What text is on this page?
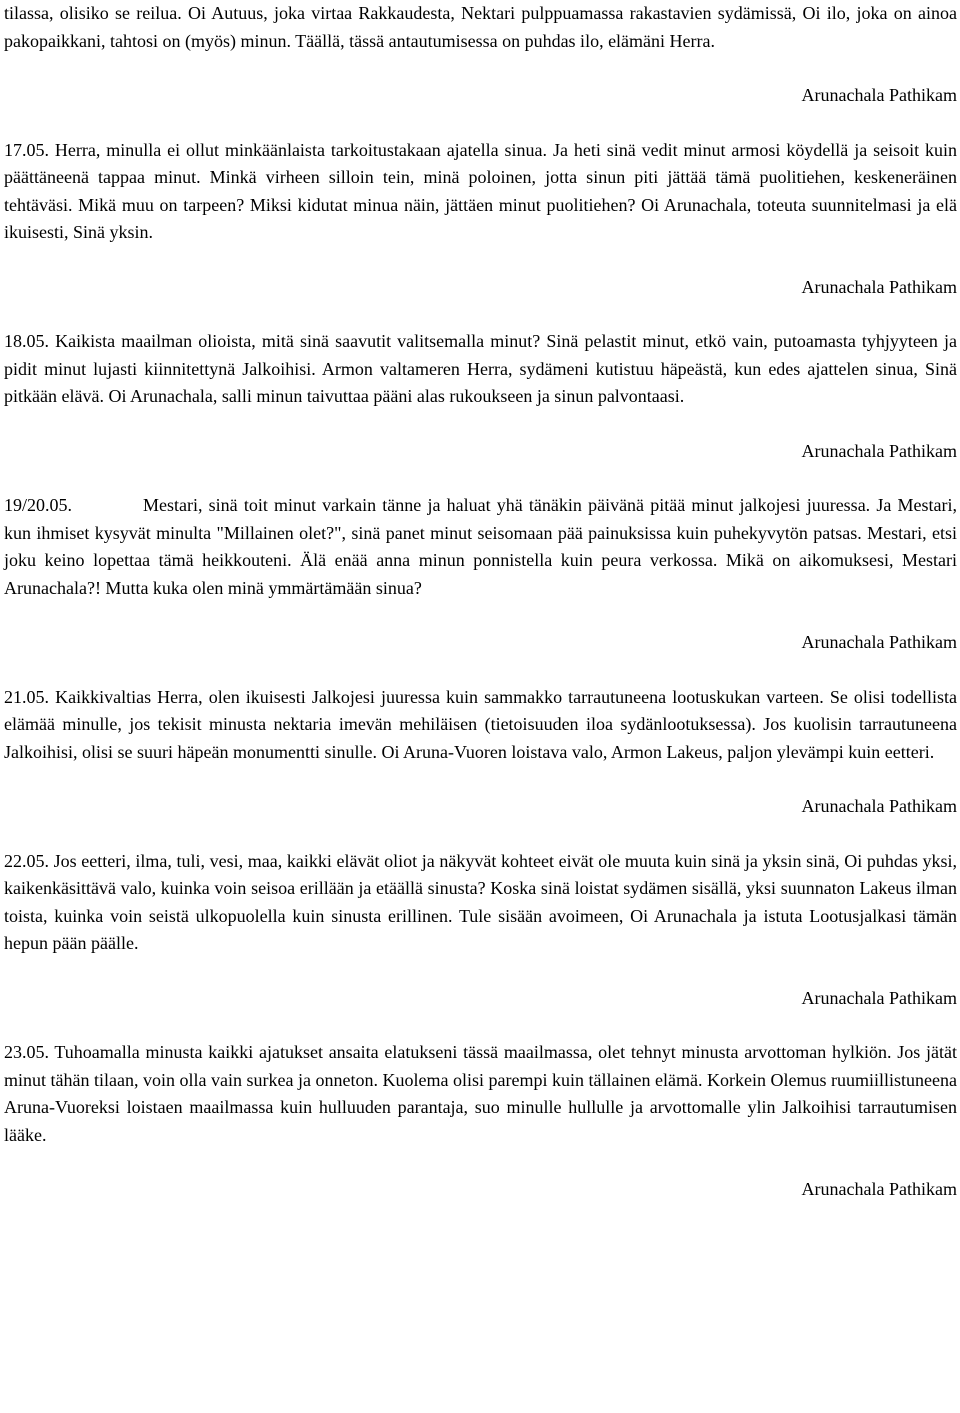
tilassa, olisiko se reilua. Oi Autuus, joka virtaa Rakkaudesta, Nektari pulppuamassa rakastavien sydämissä, Oi ilo, joka on ainoa pakopaikkani, tahtosi on (myös) minun. Täällä, tässä antautumisessa on puhdas ilo, elämäni Herra.

Arunachala Pathikam

17.05. Herra, minulla ei ollut minkäänlaista tarkoitustakaan ajatella sinua. Ja heti sinä vedit minut armosi köydellä ja seisoit kuin päättäneenä tappaa minut. Minkä virheen silloin tein, minä poloinen, jotta sinun piti jättää tämä puolitiehen, keskeneräinen tehtäväsi. Mikä muu on tarpeen? Miksi kidutat minua näin, jättäen minut puolitiehen? Oi Arunachala, toteuta suunnitelmasi ja elä ikuisesti, Sinä yksin.

Arunachala Pathikam

18.05. Kaikista maailman olioista, mitä sinä saavutit valitsemalla minut? Sinä pelastit minut, etkö vain, putoamasta tyhjyyteen ja pidit minut lujasti kiinnitettynä Jalkoihisi. Armon valtameren Herra, sydämeni kutistuu häpeästä, kun edes ajattelen sinua, Sinä pitkään elävä. Oi Arunachala, salli minun taivuttaa pääni alas rukoukseen ja sinun palvontaasi.

Arunachala Pathikam

19/20.05.	Mestari, sinä toit minut varkain tänne ja haluat yhä tänäkin päivänä pitää minut jalkojesi juuressa. Ja Mestari, kun ihmiset kysyvät minulta "Millainen olet?", sinä panet minut seisomaan pää painuksissa kuin puhekyvytön patsas. Mestari, etsi joku keino lopettaa tämä heikkouteni. Älä enää anna minun ponnistella kuin peura verkossa. Mikä on aikomuksesi, Mestari Arunachala?! Mutta kuka olen minä ymmärtämään sinua?

Arunachala Pathikam

21.05. Kaikkivaltias Herra, olen ikuisesti Jalkojesi juuressa kuin sammakko tarrautuneena lootuskukan varteen. Se olisi todellista elämää minulle, jos tekisit minusta nektaria imevän mehiläisen (tietoisuuden iloa sydänlootuksessa). Jos kuolisin tarrautuneena Jalkoihisi, olisi se suuri häpeän monumentti sinulle. Oi Aruna-Vuoren loistava valo, Armon Lakeus, paljon ylevämpi kuin eetteri.

Arunachala Pathikam

22.05. Jos eetteri, ilma, tuli, vesi, maa, kaikki elävät oliot ja näkyvät kohteet eivät ole muuta kuin sinä ja yksin sinä, Oi puhdas yksi, kaikenkäsittävä valo, kuinka voin seisoa erillään ja etäällä sinusta? Koska sinä loistat sydämen sisällä, yksi suunnaton Lakeus ilman toista, kuinka voin seistä ulkopuolella kuin sinusta erillinen. Tule sisään avoimeen, Oi Arunachala ja istuta Lootusjalkasi tämän hepun pään päälle.

Arunachala Pathikam

23.05. Tuhoamalla minusta kaikki ajatukset ansaita elatukseni tässä maailmassa, olet tehnyt minusta arvottoman hylkiön. Jos jätät minut tähän tilaan, voin olla vain surkea ja onneton. Kuolema olisi parempi kuin tällainen elämä. Korkein Olemus ruumiillistuneena Aruna-Vuoreksi loistaen maailmassa kuin hulluuden parantaja, suo minulle hullulle ja arvottomalle ylin Jalkoihisi tarrautumisen lääke.

Arunachala Pathikam
